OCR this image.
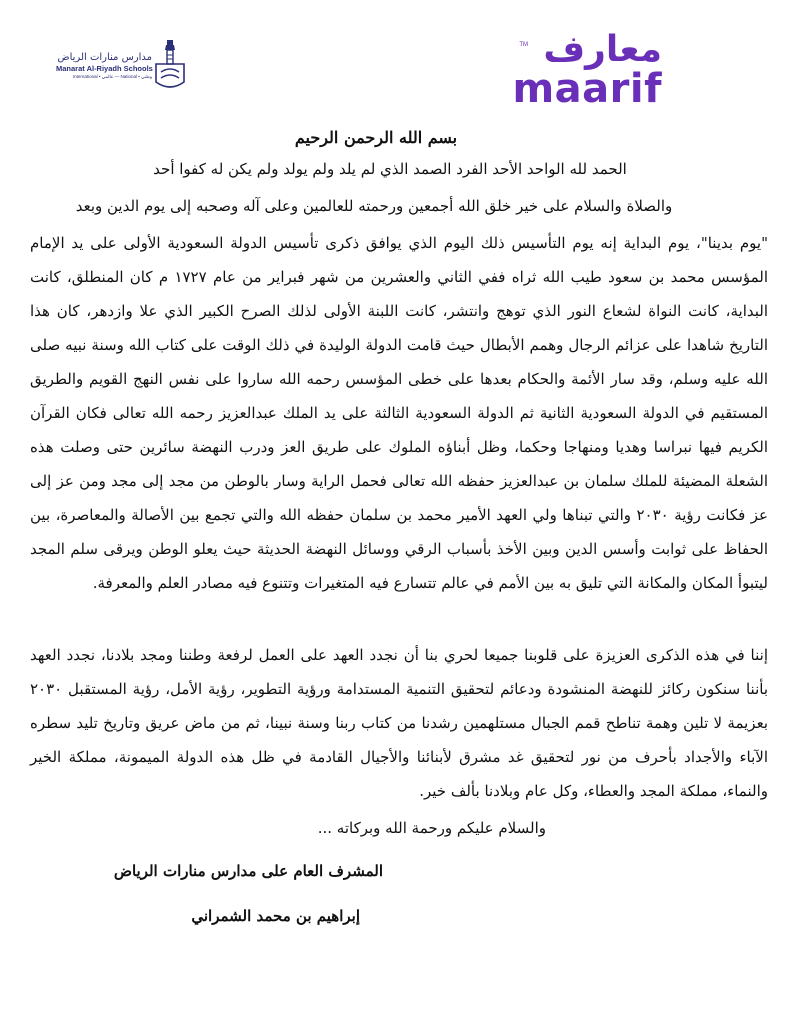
مدارس منارات الرياض
Manarat Al-Riyadh Schools
International • عالمي — National • وطني
TM معارف
maarif
بسم الله الرحمن الرحيم
الحمد لله الواحد الأحد الفرد الصمد الذي لم يلد ولم يولد ولم يكن له كفوا أحد
والصلاة والسلام على خير خلق الله أجمعين ورحمته للعالمين وعلى آله وصحبه إلى يوم الدين وبعد

"يوم بدينا"، يوم البداية إنه يوم التأسيس ذلك اليوم الذي يوافق ذكرى تأسيس الدولة السعودية الأولى على يد الإمام المؤسس محمد بن سعود طيب الله ثراه ففي الثاني والعشرين من شهر فبراير من عام ١٧٢٧ م كان المنطلق، كانت البداية، كانت النواة لشعاع النور الذي توهج وانتشر، كانت اللبنة الأولى لذلك الصرح الكبير الذي علا وازدهر، كان هذا التاريخ شاهدا على عزائم الرجال وهمم الأبطال حيث قامت الدولة الوليدة في ذلك الوقت على كتاب الله وسنة نبيه صلى الله عليه وسلم، وقد سار الأئمة والحكام بعدها على خطى المؤسس رحمه الله ساروا على نفس النهج القويم والطريق المستقيم في الدولة السعودية الثانية ثم الدولة السعودية الثالثة على يد الملك عبدالعزيز رحمه الله تعالى فكان القرآن الكريم فيها نبراسا وهديا ومنهاجا وحكما، وظل أبناؤه الملوك على طريق العز ودرب النهضة سائرين حتى وصلت هذه الشعلة المضيئة للملك سلمان بن عبدالعزيز حفظه الله تعالى فحمل الراية وسار بالوطن من مجد إلى مجد ومن عز إلى عز فكانت رؤية ٢٠٣٠ والتي تبناها ولي العهد الأمير محمد بن سلمان حفظه الله والتي تجمع بين الأصالة والمعاصرة، بين الحفاظ على ثوابت وأسس الدين وبين الأخذ بأسباب الرقي ووسائل النهضة الحديثة حيث يعلو الوطن ويرقى سلم المجد ليتبوأ المكان والمكانة التي تليق به بين الأمم في عالم تتسارع فيه المتغيرات وتتنوع فيه مصادر العلم والمعرفة.

إننا في هذه الذكرى العزيزة على قلوبنا جميعا لحري بنا أن نجدد العهد على العمل لرفعة وطننا ومجد بلادنا، نجدد العهد بأننا سنكون ركائز للنهضة المنشودة ودعائم لتحقيق التنمية المستدامة ورؤية التطوير، رؤية الأمل، رؤية المستقبل ٢٠٣٠ بعزيمة لا تلين وهمة تناطح قمم الجبال مستلهمين رشدنا من كتاب ربنا وسنة نبينا، ثم من ماض عريق وتاريخ تليد سطره الآباء والأجداد بأحرف من نور لتحقيق غد مشرق لأبنائنا والأجيال القادمة في ظل هذه الدولة الميمونة، مملكة الخير والنماء، مملكة المجد والعطاء، وكل عام وبلادنا بألف خير.

والسلام عليكم ورحمة الله وبركاته ...
المشرف العام على مدارس منارات الرياض
إبراهيم بن محمد الشمراني
